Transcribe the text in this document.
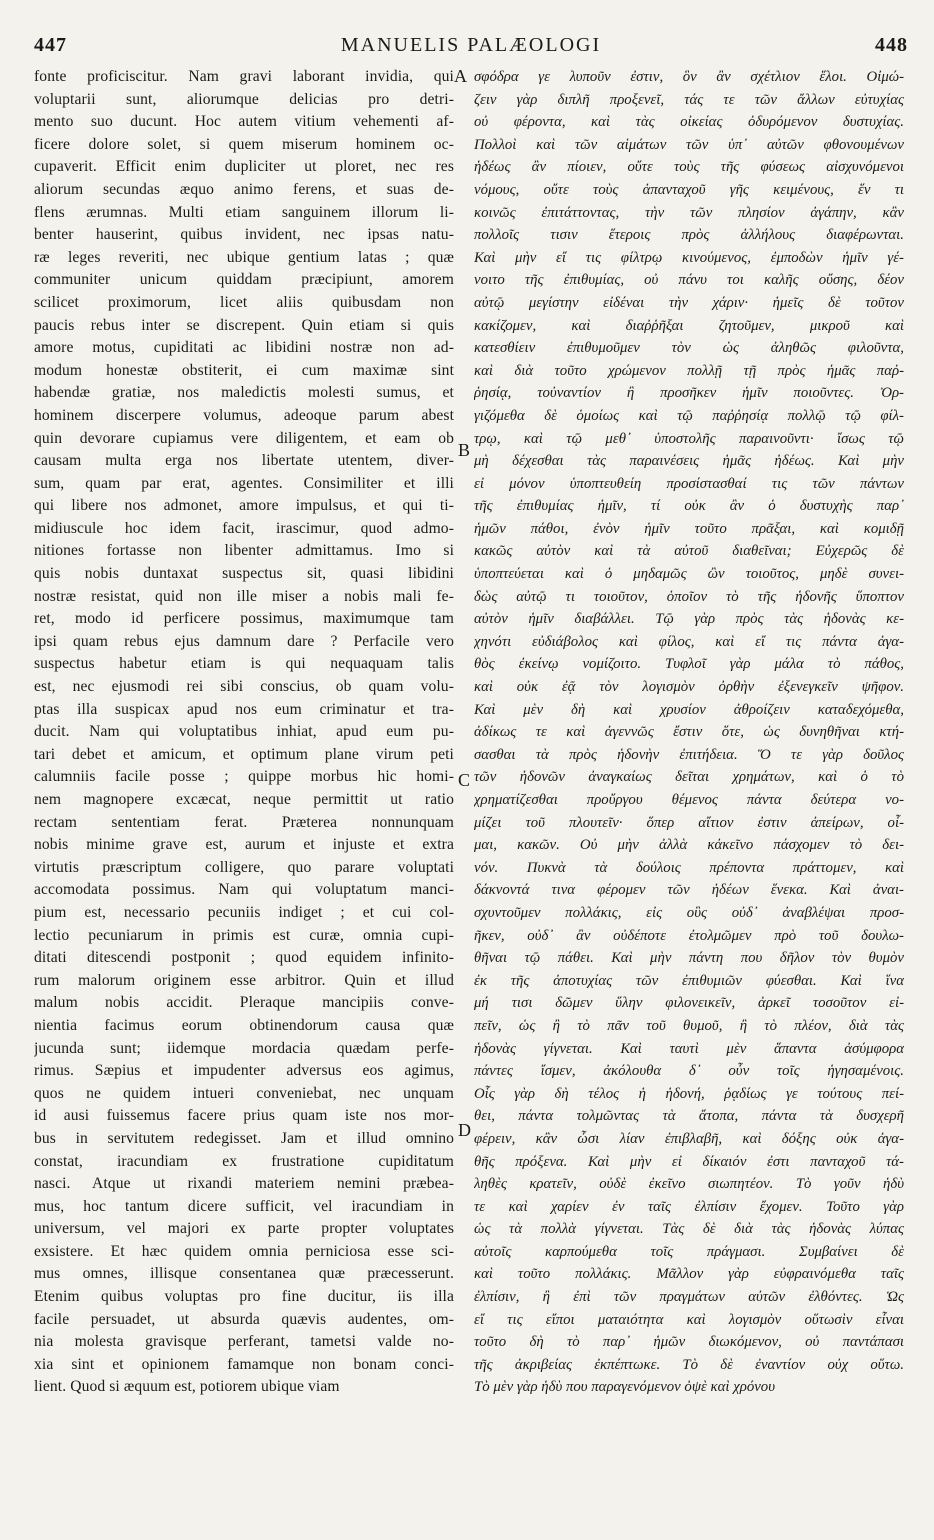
447	MANUELIS PALÆOLOGI	448
fonte proficiscitur. Nam gravi laborant invidia, qui
voluptarii sunt, aliorumque delicias pro detri-
mento suo ducunt. Hoc autem vitium vehementi af-
ficere dolore solet, si quem miserum hominem oc-
cupaverit. Efficit enim dupliciter ut ploret, nec res
aliorum secundas æquo animo ferens, et suas de-
flens ærumnas. Multi etiam sanguinem illorum li-
benter hauserint, quibus invident, nec ipsas natu-
ræ leges reveriti, nec ubique gentium latas ; quæ
communiter unicum quiddam præcipiunt, amorem
scilicet proximorum, licet aliis quibusdam non
paucis rebus inter se discrepent. Quin etiam si quis
amore motus, cupiditati ac libidini nostræ non ad-
modum honestæ obstiterit, ei cum maximæ sint
habendæ gratiæ, nos maledictis molesti sumus, et
hominem discerpere volumus, adeoque parum abest
quin devorare cupiamus vere diligentem, et eam ob
causam multa erga nos libertate utentem, diver-
sum, quam par erat, agentes. Consimiliter et illi
qui libere nos admonet, amore impulsus, et qui ti-
midiuscule hoc idem facit, irascimur, quod admo-
nitiones fortasse non libenter admittamus. Imo si
quis nobis duntaxat suspectus sit, quasi libidini
nostræ resistat, quid non ille miser a nobis mali fe-
ret, modo id perficere possimus, maximumque tam
ipsi quam rebus ejus damnum dare ? Perfacile vero
suspectus habetur etiam is qui nequaquam talis
est, nec ejusmodi rei sibi conscius, ob quam volu-
ptas illa suspicax apud nos eum criminatur et tra-
ducit. Nam qui voluptatibus inhiat, apud eum pu-
tari debet et amicum, et optimum plane virum peti
calumniis facile posse ; quippe morbus hic homi-
nem magnopere excæcat, neque permittit ut ratio
rectam sententiam ferat. Præterea nonnunquam
nobis minime grave est, aurum et injuste et extra
virtutis præscriptum colligere, quo parare voluptati
accomodata possimus. Nam qui voluptatum manci-
pium est, necessario pecuniis indiget ; et cui col-
lectio pecuniarum in primis est curæ, omnia cupi-
ditati ditescendi postponit ; quod equidem infinito-
rum malorum originem esse arbitror. Quin et illud
malum nobis accidit. Pleraque mancipiis conve-
nientia facimus eorum obtinendorum causa quæ
jucunda sunt; iidemque mordacia quædam perfe-
rimus. Sæpius et impudenter adversus eos agimus,
quos ne quidem intueri conveniebat, nec unquam
id ausi fuissemus facere prius quam iste nos mor-
bus in servitutem redegisset. Jam et illud omnino
constat, iracundiam ex frustratione cupiditatum
nasci. Atque ut rixandi materiem nemini præbea-
mus, hoc tantum dicere sufficit, vel iracundiam in
universum, vel majori ex parte propter voluptates
exsistere. Et hæc quidem omnia perniciosa esse sci-
mus omnes, illisque consentanea quæ præcesserunt.
Etenim quibus voluptas pro fine ducitur, iis illa
facile persuadet, ut absurda quævis audentes, om-
nia molesta gravisque perferant, tametsi valde no-
xia sint et opinionem famamque non bonam conci-
lient. Quod si æquum est, potiorem ubique viam
σφόδρα γε λυποῦν ἐστιν, ὃν ἂν σχέτλιον ἕλοι. Οἰμώ-
ζειν γὰρ διπλῆ προξενεῖ, τάς τε τῶν ἄλλων εὐτυχίας
οὐ φέροντα, καὶ τὰς οἰκείας ὀδυρόμενον δυστυχίας.
Πολλοὶ καὶ τῶν αἱμάτων τῶν ὑπ᾽ αὐτῶν φθονουμένων
ἡδέως ἂν πίοιεν, οὔτε τοὺς τῆς φύσεως αἰσχυνόμενοι
νόμους, οὔτε τοὺς ἁπανταχοῦ γῆς κειμένους, ἕν τι
κοινῶς ἐπιτάττοντας, τὴν τῶν πλησίον ἀγάπην, κἂν
πολλοῖς τισιν ἕτεροις πρὸς ἀλλήλους διαφέρωνται.
Καὶ μὴν εἴ τις φίλτρῳ κινούμενος, ἐμποδὼν ἡμῖν γέ-
νοιτο τῆς ἐπιθυμίας, οὐ πάνυ τοι καλῆς οὔσης, δέον
αὐτῷ μεγίστην εἰδέναι τὴν χάριν· ἡμεῖς δὲ τοῦτον
κακίζομεν, καὶ διαῤῥῆξαι ζητοῦμεν, μικροῦ καὶ
κατεσθίειν ἐπιθυμοῦμεν τὸν ὡς ἀληθῶς φιλοῦντα,
καὶ διὰ τοῦτο χρώμενον πολλῇ τῇ πρὸς ἡμᾶς παῤ-
ῥησίᾳ, τοὐναντίον ἢ προσῆκεν ἡμῖν ποιοῦντες. Ὀρ-
γιζόμεθα δὲ ὁμοίως καὶ τῷ παῤῥησίᾳ πολλῷ τῷ φίλ-
τρῳ, καὶ τῷ μεθ᾽ ὑποστολῆς παραινοῦντι· ἴσως τῷ
μὴ δέχεσθαι τὰς παραινέσεις ἡμᾶς ἡδέως. Καὶ μὴν
εἰ μόνον ὑποπτευθείη προσίστασθαί τις τῶν πάντων
τῆς ἐπιθυμίας ἡμῖν, τί οὐκ ἂν ὁ δυστυχὴς παρ᾽
ἡμῶν πάθοι, ἐνὸν ἡμῖν τοῦτο πρᾶξαι, καὶ κομιδῇ
κακῶς αὐτὸν καὶ τὰ αὐτοῦ διαθεῖναι; Εὐχερῶς δὲ
ὑποπτεύεται καὶ ὁ μηδαμῶς ὢν τοιοῦτος, μηδὲ συνει-
δὼς αὐτῷ τι τοιοῦτον, ὁποῖον τὸ τῆς ἡδονῆς ὕποπτον
αὐτὸν ἡμῖν διαβάλλει. Τῷ γὰρ πρὸς τὰς ἡδονὰς κε-
χηνότι εὐδιάβολος καὶ φίλος, καὶ εἴ τις πάντα ἀγα-
θὸς ἐκείνῳ νομίζοιτο. Τυφλοῖ γὰρ μάλα τὸ πάθος,
καὶ οὐκ ἐᾷ τὸν λογισμὸν ὀρθὴν ἐξενεγκεῖν ψῆφον.
Καὶ μὲν δὴ καὶ χρυσίον ἀθροίζειν καταδεχόμεθα,
ἀδίκως τε καὶ ἀγεννῶς ἔστιν ὅτε, ὡς δυνηθῆναι κτή-
σασθαι τὰ πρὸς ἡδονὴν ἐπιτήδεια. Ὅ τε γὰρ δοῦλος
τῶν ἡδονῶν ἀναγκαίως δεῖται χρημάτων, καὶ ὁ τὸ
χρηματίζεσθαι πρoὔργου θέμενος πάντα δεύτερα νο-
μίζει τοῦ πλουτεῖν· ὅπερ αἴτιον ἐστιν ἀπείρων, οἶ-
μαι, κακῶν. Οὐ μὴν ἀλλὰ κἀκεῖνο πάσχομεν τὸ δει-
νόν. Πυκνὰ τὰ δούλοις πρέποντα πράττομεν, καὶ
δάκνοντά τινα φέρομεν τῶν ἡδέων ἕνεκα. Καὶ ἀναι-
σχυντοῦμεν πολλάκις, εἰς οὓς οὐδ᾽ ἀναβλέψαι προσ-
ῆκεν, οὐδ᾽ ἂν οὐδέποτε ἐτολμῶμεν πρὸ τοῦ δουλω-
θῆναι τῷ πάθει. Καὶ μὴν πάντη που δῆλον τὸν θυμὸν
ἐκ τῆς ἀποτυχίας τῶν ἐπιθυμιῶν φύεσθαι. Καὶ ἵνα
μή τισι δῶμεν ὕλην φιλονεικεῖν, ἀρκεῖ τοσοῦτον εἰ-
πεῖν, ὡς ἢ τὸ πᾶν τοῦ θυμοῦ, ἢ τὸ πλέον, διὰ τὰς
ἡδονὰς γίγνεται. Καὶ ταυτὶ μὲν ἅπαντα ἀσύμφορα
πάντες ἴσμεν, ἀκόλουθα δ᾽ οὖν τοῖς ἡγησαμένοις.
Οἷς γὰρ δὴ τέλος ἡ ἡδονή, ῥᾳδίως γε τούτους πεί-
θει, πάντα τολμῶντας τὰ ἄτοπα, πάντα τὰ δυσχερῆ
φέρειν, κἂν ὦσι λίαν ἐπιβλαβῆ, καὶ δόξης οὐκ ἀγα-
θῆς πρόξενα. Καὶ μὴν εἰ δίκαιόν ἐστι πανταχοῦ τά-
ληθὲς κρατεῖν, οὐδὲ ἐκεῖνο σιωπητέον. Τὸ γοῦν ἡδὺ
τε καὶ χαρίεν ἐν ταῖς ἐλπίσιν ἔχομεν. Τοῦτο γὰρ
ὡς τὰ πολλὰ γίγνεται. Τὰς δὲ διὰ τὰς ἡδονὰς λύπας
αὐτοῖς καρπούμεθα τοῖς πράγμασι. Συμβαίνει δὲ
καὶ τοῦτο πολλάκις. Μᾶλλον γὰρ εὐφραινόμεθα ταῖς
ἐλπίσιν, ἢ ἐπὶ τῶν πραγμάτων αὐτῶν ἐλθόντες. Ὡς
εἴ τις εἴποι ματαιότητα καὶ λογισμὸν οὕτωσὶν εἶναι
τοῦτο δὴ τὸ παρ᾽ ἡμῶν διωκόμενον, οὐ παντάπασι
τῆς ἀκριβείας ἐκπέπτωκε. Τὸ δὲ ἐναντίον οὐχ οὕτω.
Τὸ μὲν γὰρ ἡδὺ που παραγενόμενον ὀψὲ καὶ χρόνου
A
B
C
D
